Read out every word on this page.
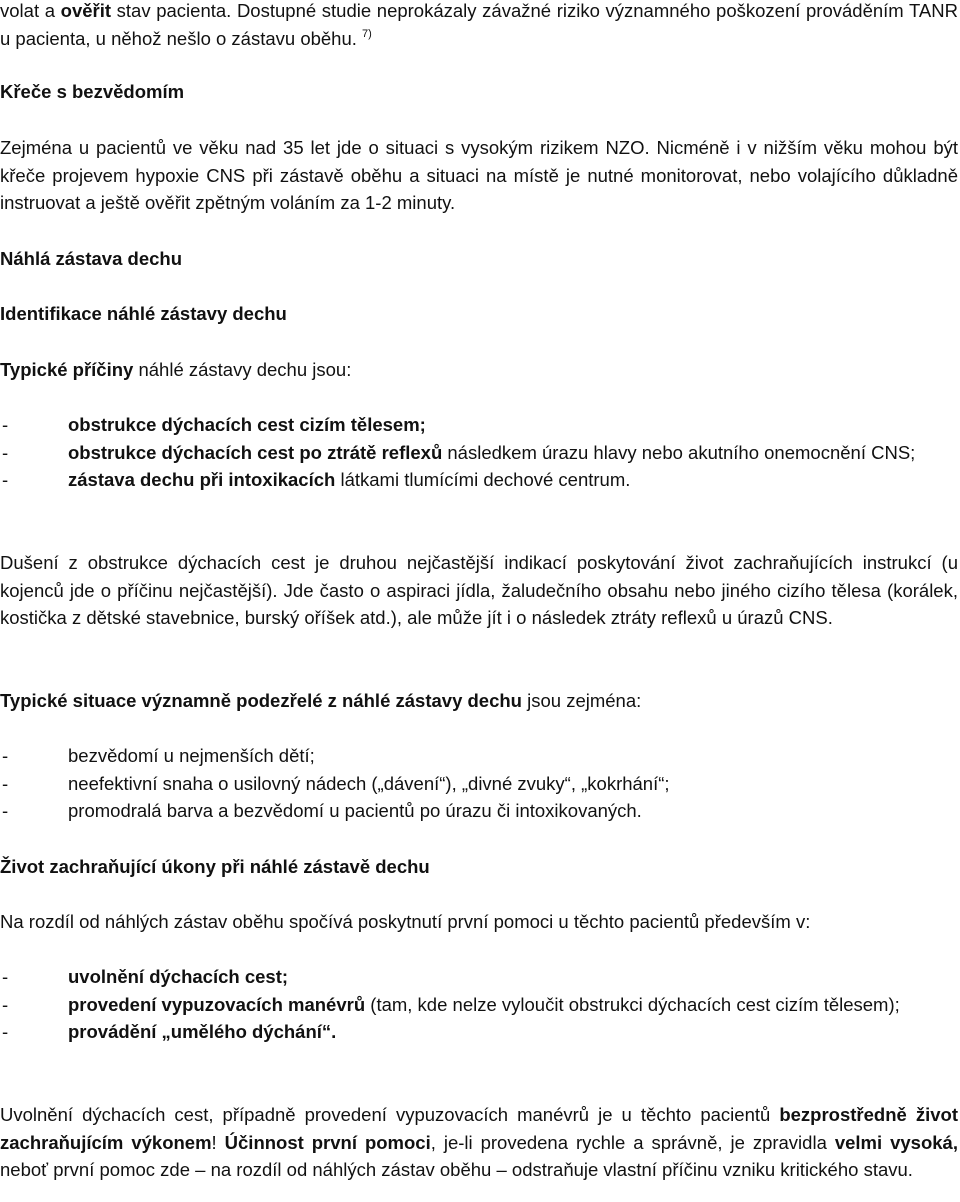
volat a ověřit stav pacienta. Dostupné studie neprokázaly závažné riziko významného poškození prováděním TANR u pacienta, u něhož nešlo o zástavu oběhu. $^{7)}$

Křeče s bezvědomím

Zejména u pacientů ve věku nad 35 let jde o situaci s vysokým rizikem NZO. Nicméně i v nižším věku mohou být křeče projevem hypoxie CNS při zástavě oběhu a situaci na místě je nutné monitorovat, nebo volajícího důkladně instruovat a ještě ověřit zpětným voláním za 1-2 minuty.

Náhlá zástava dechu

Identifikace náhlé zástavy dechu

Typické příčiny náhlé zástavy dechu jsou:

- obstrukce dýchacích cest cizím tělesem;
- obstrukce dýchacích cest po ztrátě reflexů následkem úrazu hlavy nebo akutního onemocnění CNS;
- zástava dechu při intoxikacích látkami tlumícími dechové centrum.

Dušení z obstrukce dýchacích cest je druhou nejčastější indikací poskytování život zachraňujících instrukcí (u kojenců jde o příčinu nejčastější). Jde často o aspiraci jídla, žaludečního obsahu nebo jiného cizího tělesa (korálek, kostička z dětské stavebnice, burský oříšek atd.), ale může jít i o následek ztráty reflexů u úrazů CNS.

Typické situace významně podezřelé z náhlé zástavy dechu jsou zejména:

- bezvědomí u nejmenších dětí;
- neefektivní snaha o usilovný nádech („dávení“), „divné zvuky“, „kokrhání“;
- promodralá barva a bezvědomí u pacientů po úrazu či intoxikovaných.

Život zachraňující úkony při náhlé zástavě dechu

Na rozdíl od náhlých zástav oběhu spočívá poskytnutí první pomoci u těchto pacientů především v:

- uvolnění dýchacích cest;
- provedení vypuzovacích manévrů (tam, kde nelze vyloučit obstrukci dýchacích cest cizím tělesem);
- provádění „umělého dýchání“.

Uvolnění dýchacích cest, případně provedení vypuzovacích manévrů je u těchto pacientů bezprostředně život zachraňujícím výkonem! Účinnost první pomoci, je-li provedena rychle a správně, je zpravidla velmi vysoká, neboť první pomoc zde – na rozdíl od náhlých zástav oběhu – odstraňuje vlastní příčinu vzniku kritického stavu.
